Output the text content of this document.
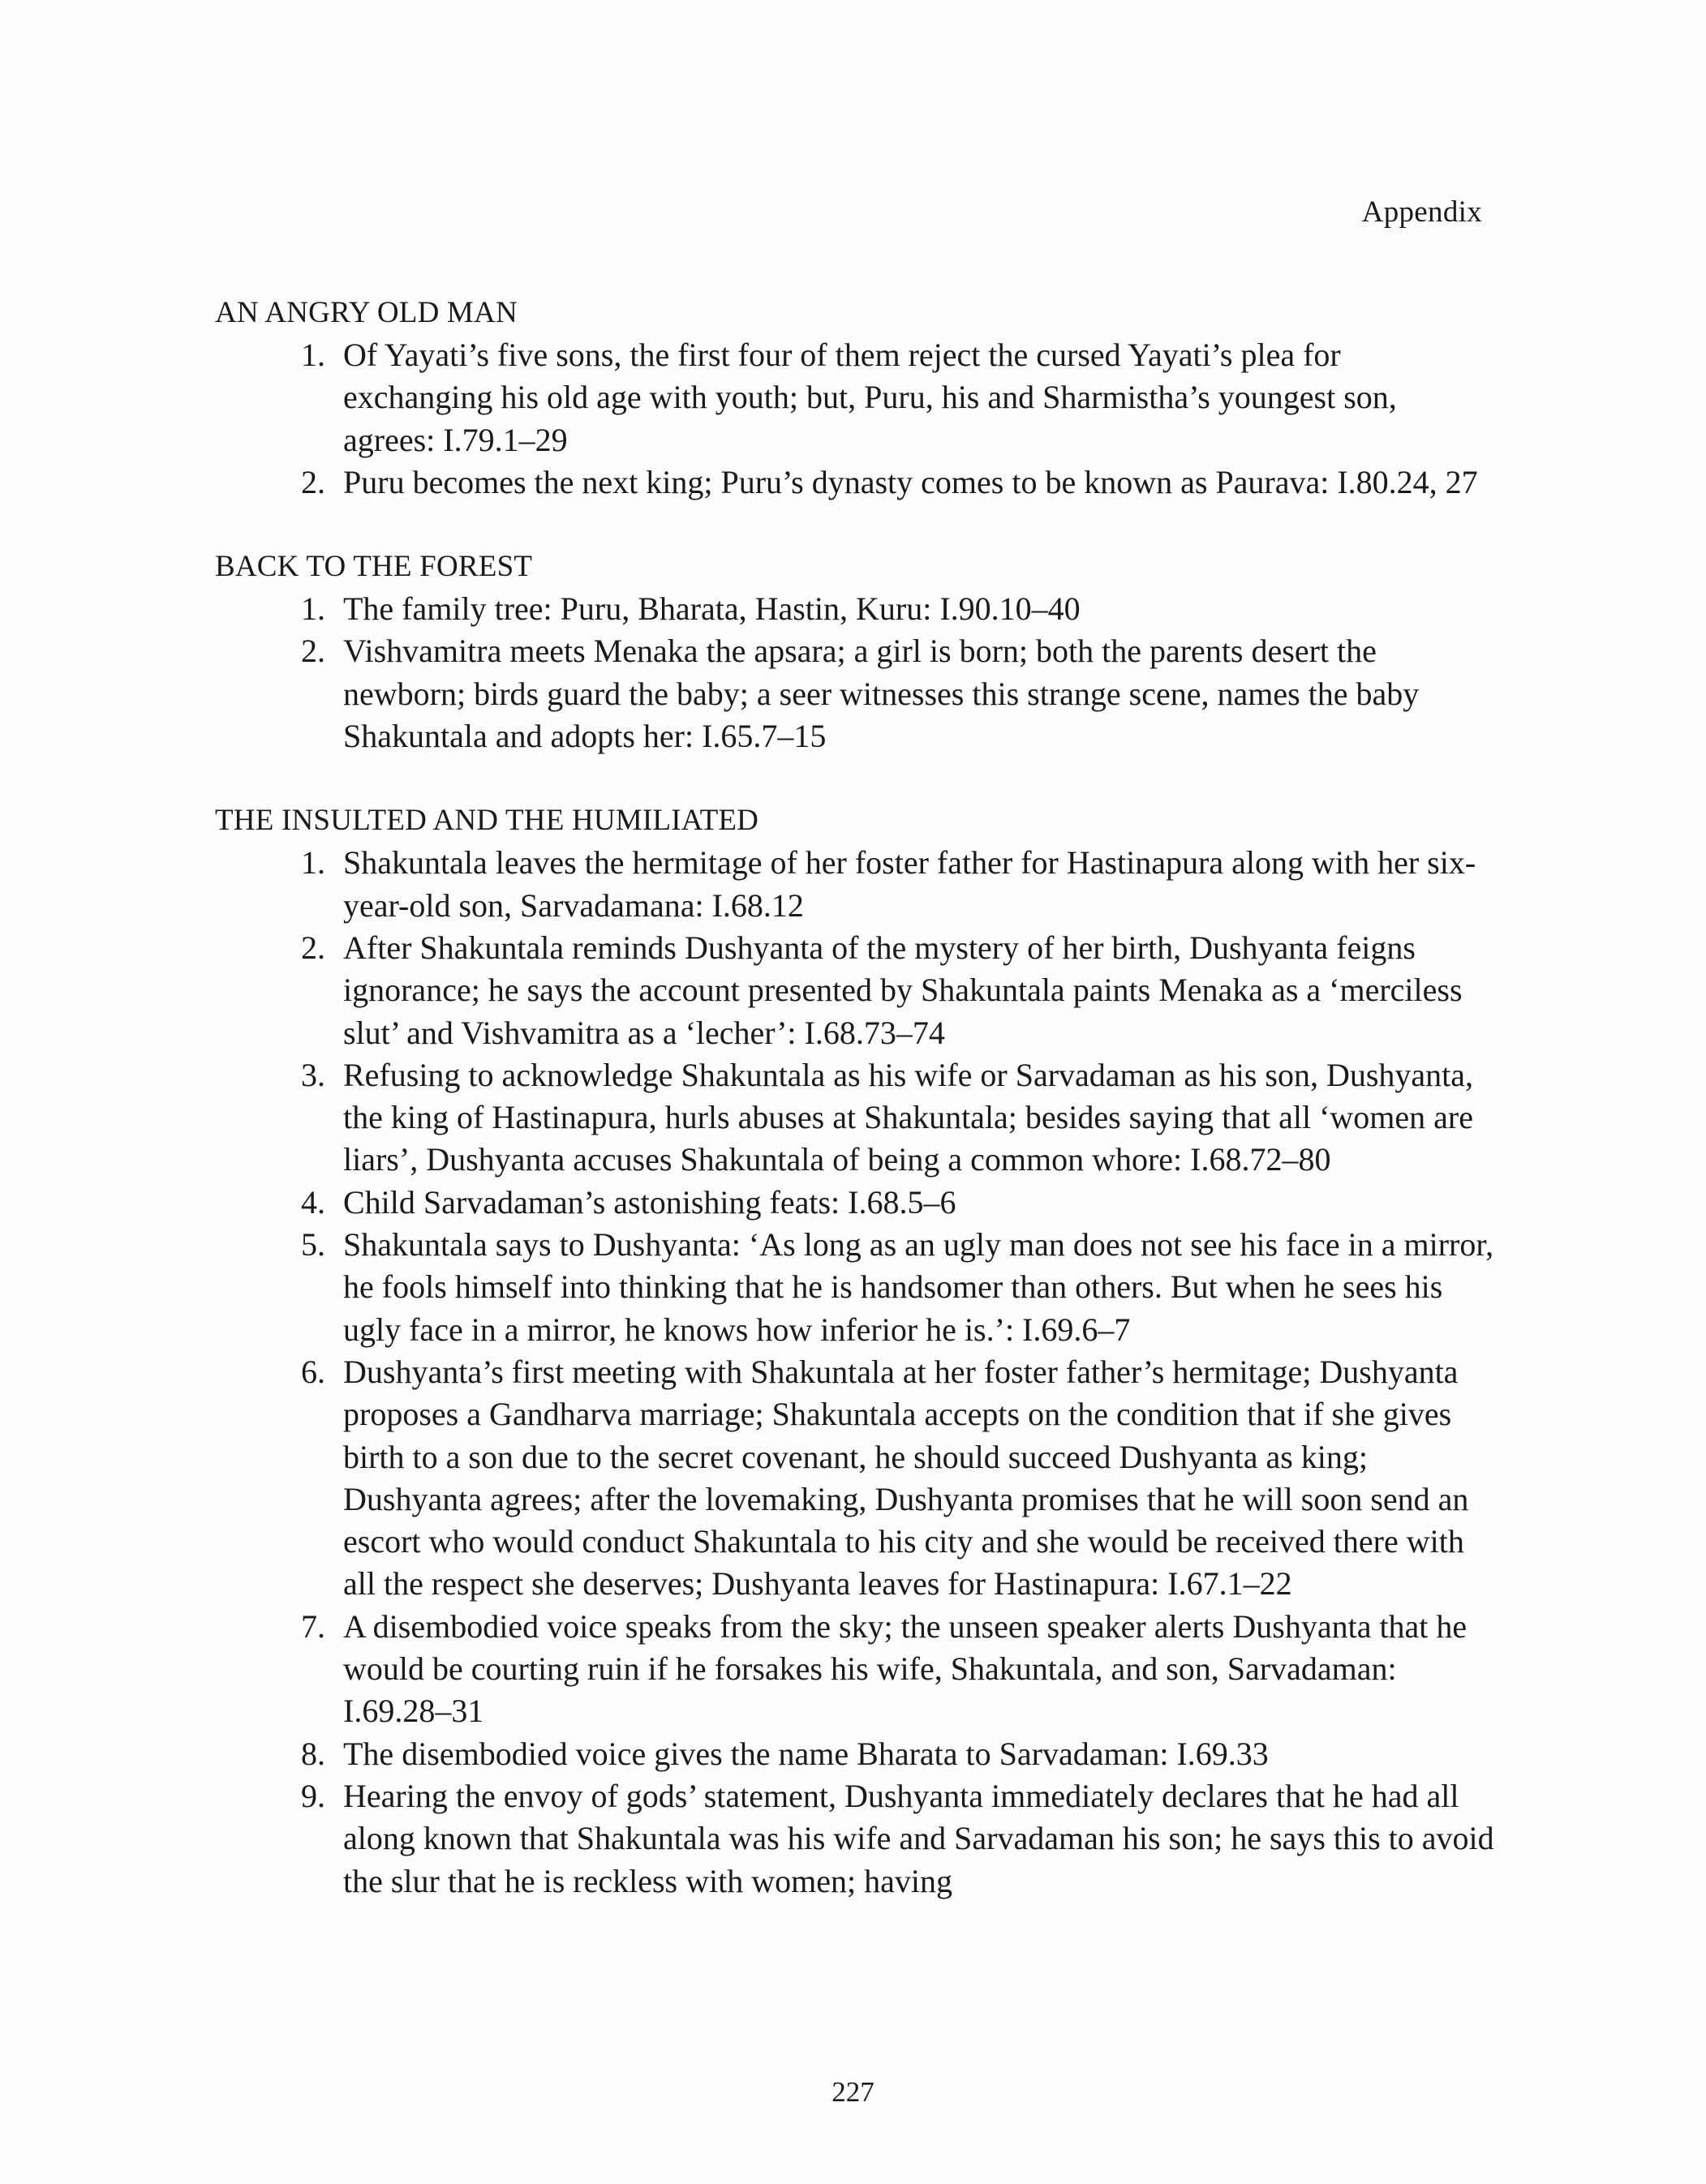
Appendix
AN ANGRY OLD MAN
1. Of Yayati’s five sons, the first four of them reject the cursed Yayati’s plea for exchanging his old age with youth; but, Puru, his and Sharmistha’s youngest son, agrees: I.79.1–29
2. Puru becomes the next king; Puru’s dynasty comes to be known as Paurava: I.80.24, 27
BACK TO THE FOREST
1. The family tree: Puru, Bharata, Hastin, Kuru: I.90.10–40
2. Vishvamitra meets Menaka the apsara; a girl is born; both the parents desert the newborn; birds guard the baby; a seer witnesses this strange scene, names the baby Shakuntala and adopts her: I.65.7–15
THE INSULTED AND THE HUMILIATED
1. Shakuntala leaves the hermitage of her foster father for Hastinapura along with her six-year-old son, Sarvadamana: I.68.12
2. After Shakuntala reminds Dushyanta of the mystery of her birth, Dushyanta feigns ignorance; he says the account presented by Shakuntala paints Menaka as a ‘merciless slut’ and Vishvamitra as a ‘lecher’: I.68.73–74
3. Refusing to acknowledge Shakuntala as his wife or Sarvadaman as his son, Dushyanta, the king of Hastinapura, hurls abuses at Shakuntala; besides saying that all ‘women are liars’, Dushyanta accuses Shakuntala of being a common whore: I.68.72–80
4. Child Sarvadaman’s astonishing feats: I.68.5–6
5. Shakuntala says to Dushyanta: ‘As long as an ugly man does not see his face in a mirror, he fools himself into thinking that he is handsomer than others. But when he sees his ugly face in a mirror, he knows how inferior he is.’: I.69.6–7
6. Dushyanta’s first meeting with Shakuntala at her foster father’s hermitage; Dushyanta proposes a Gandharva marriage; Shakuntala accepts on the condition that if she gives birth to a son due to the secret covenant, he should succeed Dushyanta as king; Dushyanta agrees; after the lovemaking, Dushyanta promises that he will soon send an escort who would conduct Shakuntala to his city and she would be received there with all the respect she deserves; Dushyanta leaves for Hastinapura: I.67.1–22
7. A disembodied voice speaks from the sky; the unseen speaker alerts Dushyanta that he would be courting ruin if he forsakes his wife, Shakuntala, and son, Sarvadaman: I.69.28–31
8. The disembodied voice gives the name Bharata to Sarvadaman: I.69.33
9. Hearing the envoy of gods’ statement, Dushyanta immediately declares that he had all along known that Shakuntala was his wife and Sarvadaman his son; he says this to avoid the slur that he is reckless with women; having
227
